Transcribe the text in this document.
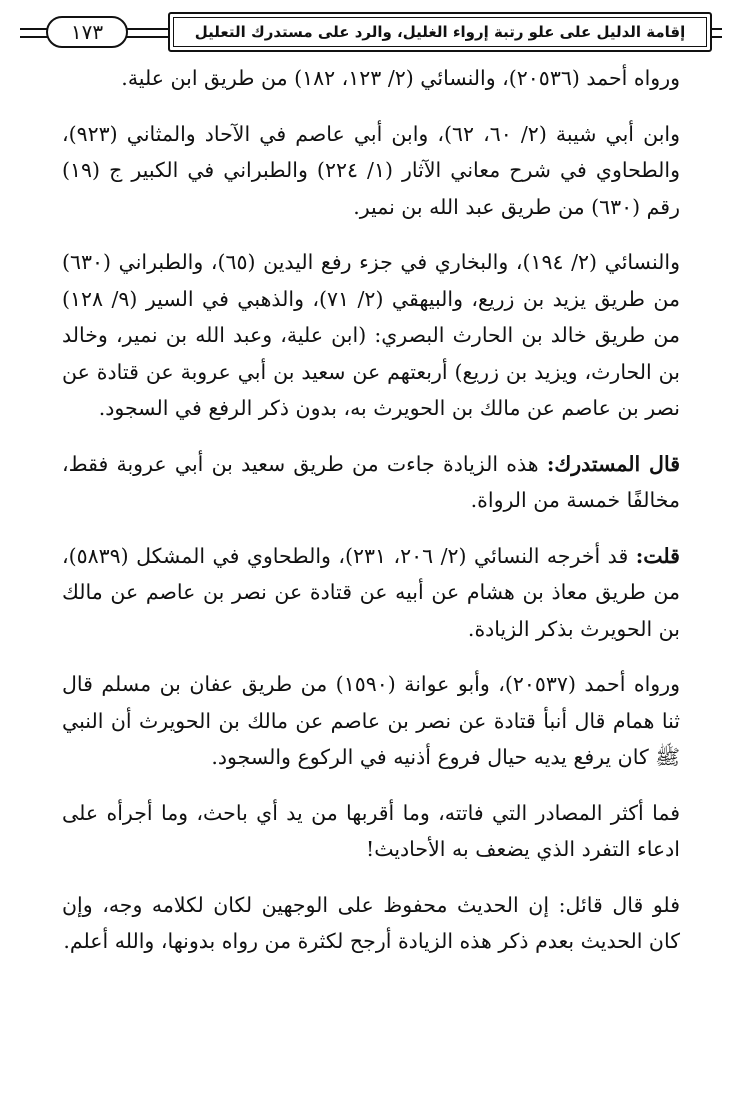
١٧٣	إقامة الدليل على علو رتبة إرواء الغليل، والرد على مستدرك التعليل

ورواه أحمد (٢٠٥٣٦)، والنسائي (٢/ ١٢٣، ١٨٢) من طريق ابن علية.

وابن أبي شيبة (٢/ ٦٠، ٦٢)، وابن أبي عاصم في الآحاد والمثاني (٩٢٣)، والطحاوي في شرح معاني الآثار (١/ ٢٢٤) والطبراني في الكبير ج (١٩) رقم (٦٣٠) من طريق عبد الله بن نمير.

والنسائي (٢/ ١٩٤)، والبخاري في جزء رفع اليدين (٦٥)، والطبراني (٦٣٠) من طريق يزيد بن زريع، والبيهقي (٢/ ٧١)، والذهبي في السير (٩/ ١٢٨) من طريق خالد بن الحارث البصري: (ابن علية، وعبد الله بن نمير، وخالد بن الحارث، ويزيد بن زريع) أربعتهم عن سعيد بن أبي عروبة عن قتادة عن نصر بن عاصم عن مالك بن الحويرث به، بدون ذكر الرفع في السجود.

قال المستدرك: هذه الزيادة جاءت من طريق سعيد بن أبي عروبة فقط، مخالفًا خمسة من الرواة.

قلت: قد أخرجه النسائي (٢/ ٢٠٦، ٢٣١)، والطحاوي في المشكل (٥٨٣٩)، من طريق معاذ بن هشام عن أبيه عن قتادة عن نصر بن عاصم عن مالك بن الحويرث بذكر الزيادة.

ورواه أحمد (٢٠٥٣٧)، وأبو عوانة (١٥٩٠) من طريق عفان بن مسلم قال ثنا همام قال أنبأ قتادة عن نصر بن عاصم عن مالك بن الحويرث أن النبي ﷺ كان يرفع يديه حيال فروع أذنيه في الركوع والسجود.

فما أكثر المصادر التي فاتته، وما أقربها من يد أي باحث، وما أجرأه على ادعاء التفرد الذي يضعف به الأحاديث!

فلو قال قائل: إن الحديث محفوظ على الوجهين لكان لكلامه وجه، وإن كان الحديث بعدم ذكر هذه الزيادة أرجح لكثرة من رواه بدونها، والله أعلم.
